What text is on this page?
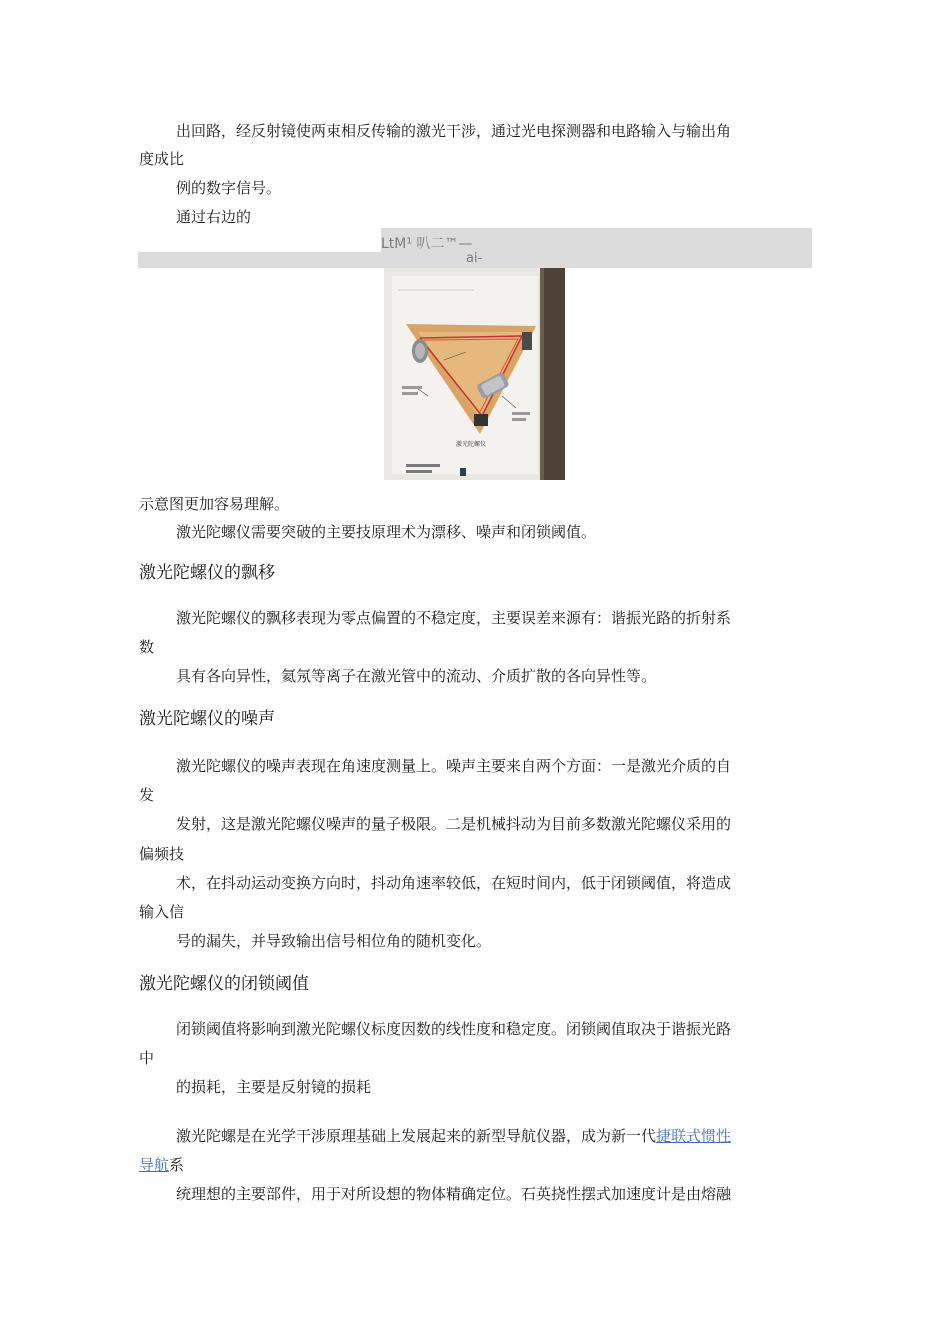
出回路，经反射镜使两束相反传输的激光干涉，通过光电探测器和电路输入与输出角
度成比
例的数字信号。
通过右边的
LtM¹ 叭二™—
ai-
激光陀螺仪
示意图更加容易理解。
激光陀螺仪需要突破的主要技原理术为漂移、噪声和闭锁阈值。
激光陀螺仪的飘移
激光陀螺仪的飘移表现为零点偏置的不稳定度，主要误差来源有：谐振光路的折射系
数
具有各向异性，氦氖等离子在激光管中的流动、介质扩散的各向异性等。
激光陀螺仪的噪声
激光陀螺仪的噪声表现在角速度测量上。噪声主要来自两个方面：一是激光介质的自
发
发射，这是激光陀螺仪噪声的量子极限。二是机械抖动为目前多数激光陀螺仪采用的
偏频技
术，在抖动运动变换方向时，抖动角速率较低，在短时间内，低于闭锁阈值，将造成
输入信
号的漏失，并导致输出信号相位角的随机变化。
激光陀螺仪的闭锁阈值
闭锁阈值将影响到激光陀螺仪标度因数的线性度和稳定度。闭锁阈值取决于谐振光路
中
的损耗，主要是反射镜的损耗
激光陀螺是在光学干涉原理基础上发展起来的新型导航仪器，成为新一代捷联式惯性
导航系
统理想的主要部件，用于对所设想的物体精确定位。石英挠性摆式加速度计是由熔融
